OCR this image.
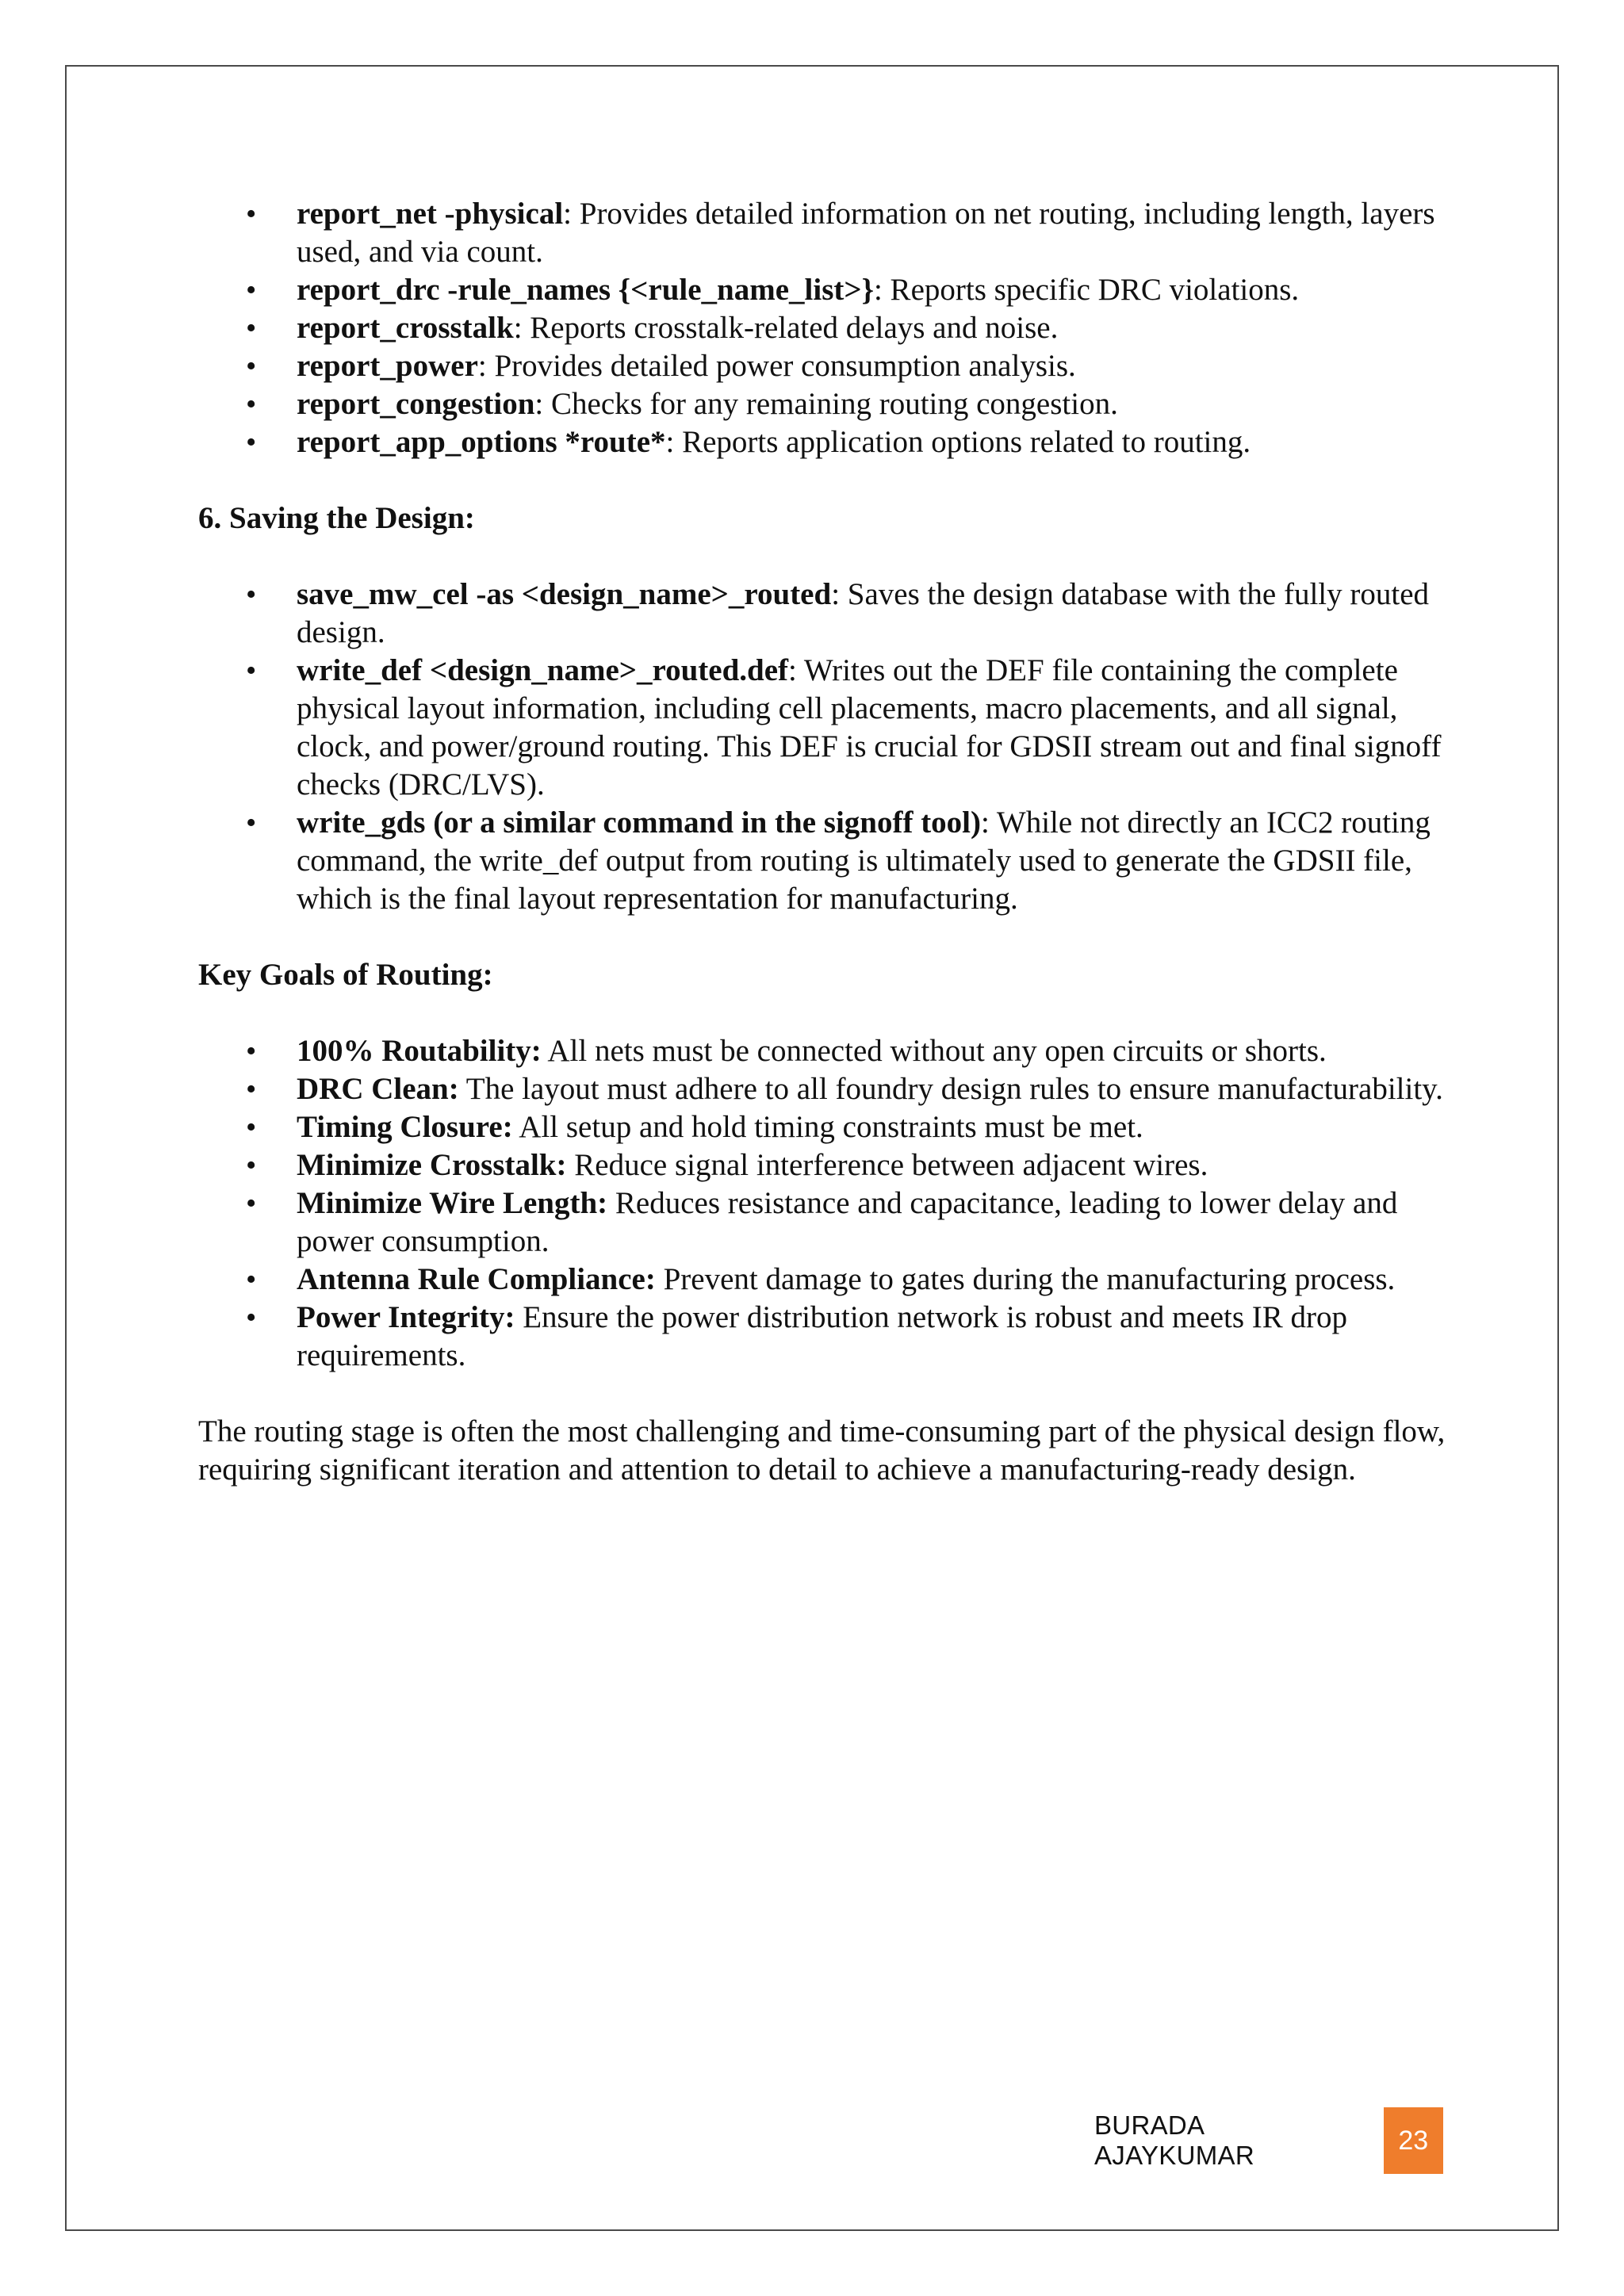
• report_net -physical: Provides detailed information on net routing, including length, layers used, and via count.
• report_drc -rule_names {<rule_name_list>}: Reports specific DRC violations.
• report_crosstalk: Reports crosstalk-related delays and noise.
• report_power: Provides detailed power consumption analysis.
• report_congestion: Checks for any remaining routing congestion.
• report_app_options *route*: Reports application options related to routing.

6. Saving the Design:

• save_mw_cel -as <design_name>_routed: Saves the design database with the fully routed design.
• write_def <design_name>_routed.def: Writes out the DEF file containing the complete physical layout information, including cell placements, macro placements, and all signal, clock, and power/ground routing. This DEF is crucial for GDSII stream out and final signoff checks (DRC/LVS).
• write_gds (or a similar command in the signoff tool): While not directly an ICC2 routing command, the write_def output from routing is ultimately used to generate the GDSII file, which is the final layout representation for manufacturing.

Key Goals of Routing:

• 100% Routability: All nets must be connected without any open circuits or shorts.
• DRC Clean: The layout must adhere to all foundry design rules to ensure manufacturability.
• Timing Closure: All setup and hold timing constraints must be met.
• Minimize Crosstalk: Reduce signal interference between adjacent wires.
• Minimize Wire Length: Reduces resistance and capacitance, leading to lower delay and power consumption.
• Antenna Rule Compliance: Prevent damage to gates during the manufacturing process.
• Power Integrity: Ensure the power distribution network is robust and meets IR drop requirements.

The routing stage is often the most challenging and time-consuming part of the physical design flow, requiring significant iteration and attention to detail to achieve a manufacturing-ready design.

BURADA AJAYKUMAR	23
